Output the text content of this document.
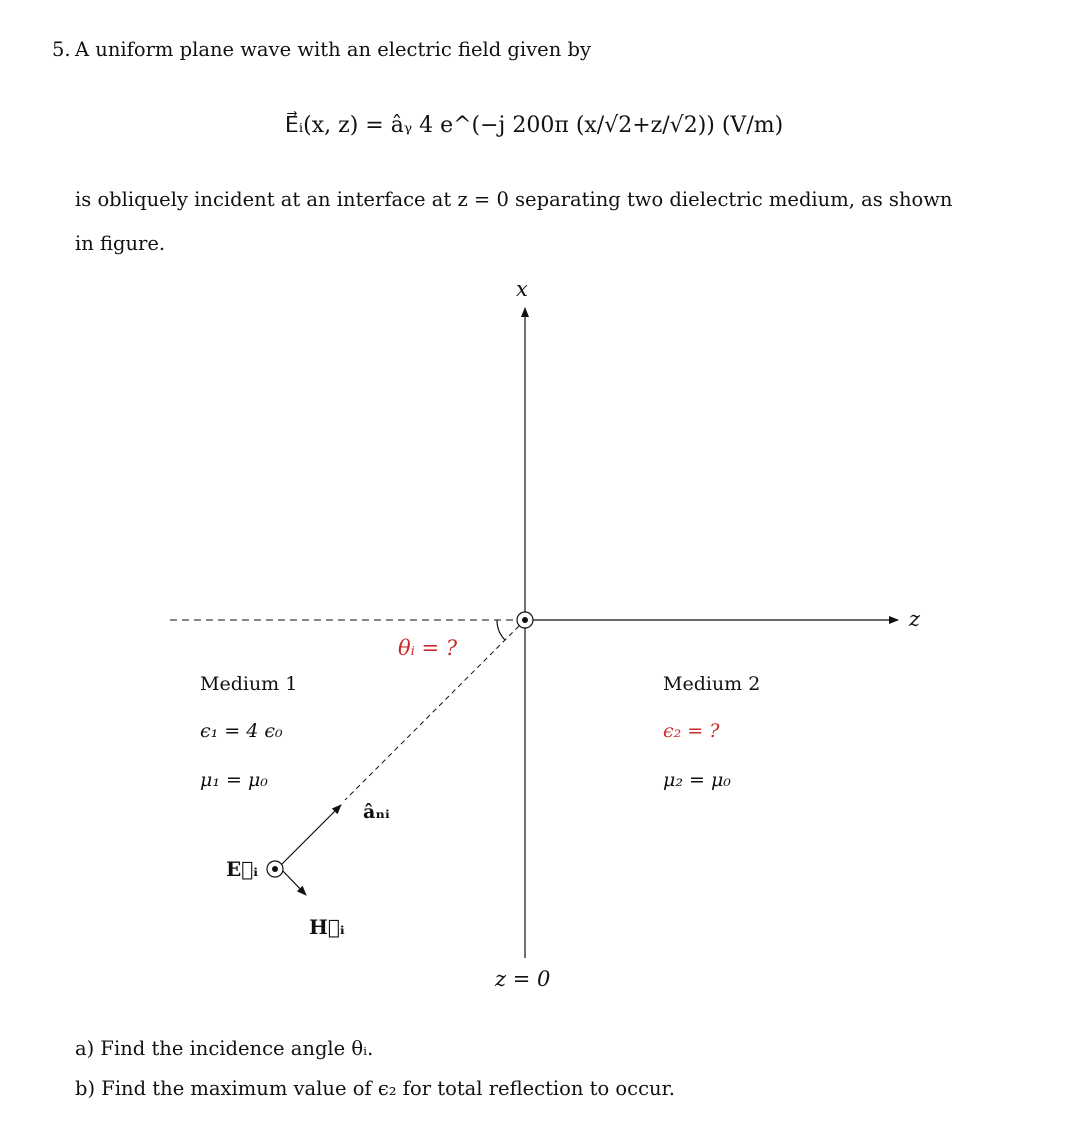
5. A uniform plane wave with an electric field given by
E⃗ᵢ(x, z) = âᵧ 4 e^(−j 200π (x/√2+z/√2)) (V/m)
is obliquely incident at an interface at z = 0 separating two dielectric medium, as shown
in figure.
x
z
z = 0
θᵢ = ?
Medium 1
ϵ₁ = 4 ϵ₀
μ₁ = μ₀
Medium 2
ϵ₂ = ?
μ₂ = μ₀
âₙᵢ
E⃗ᵢ
H⃗ᵢ
a) Find the incidence angle θᵢ.
b) Find the maximum value of ϵ₂ for total reflection to occur.
